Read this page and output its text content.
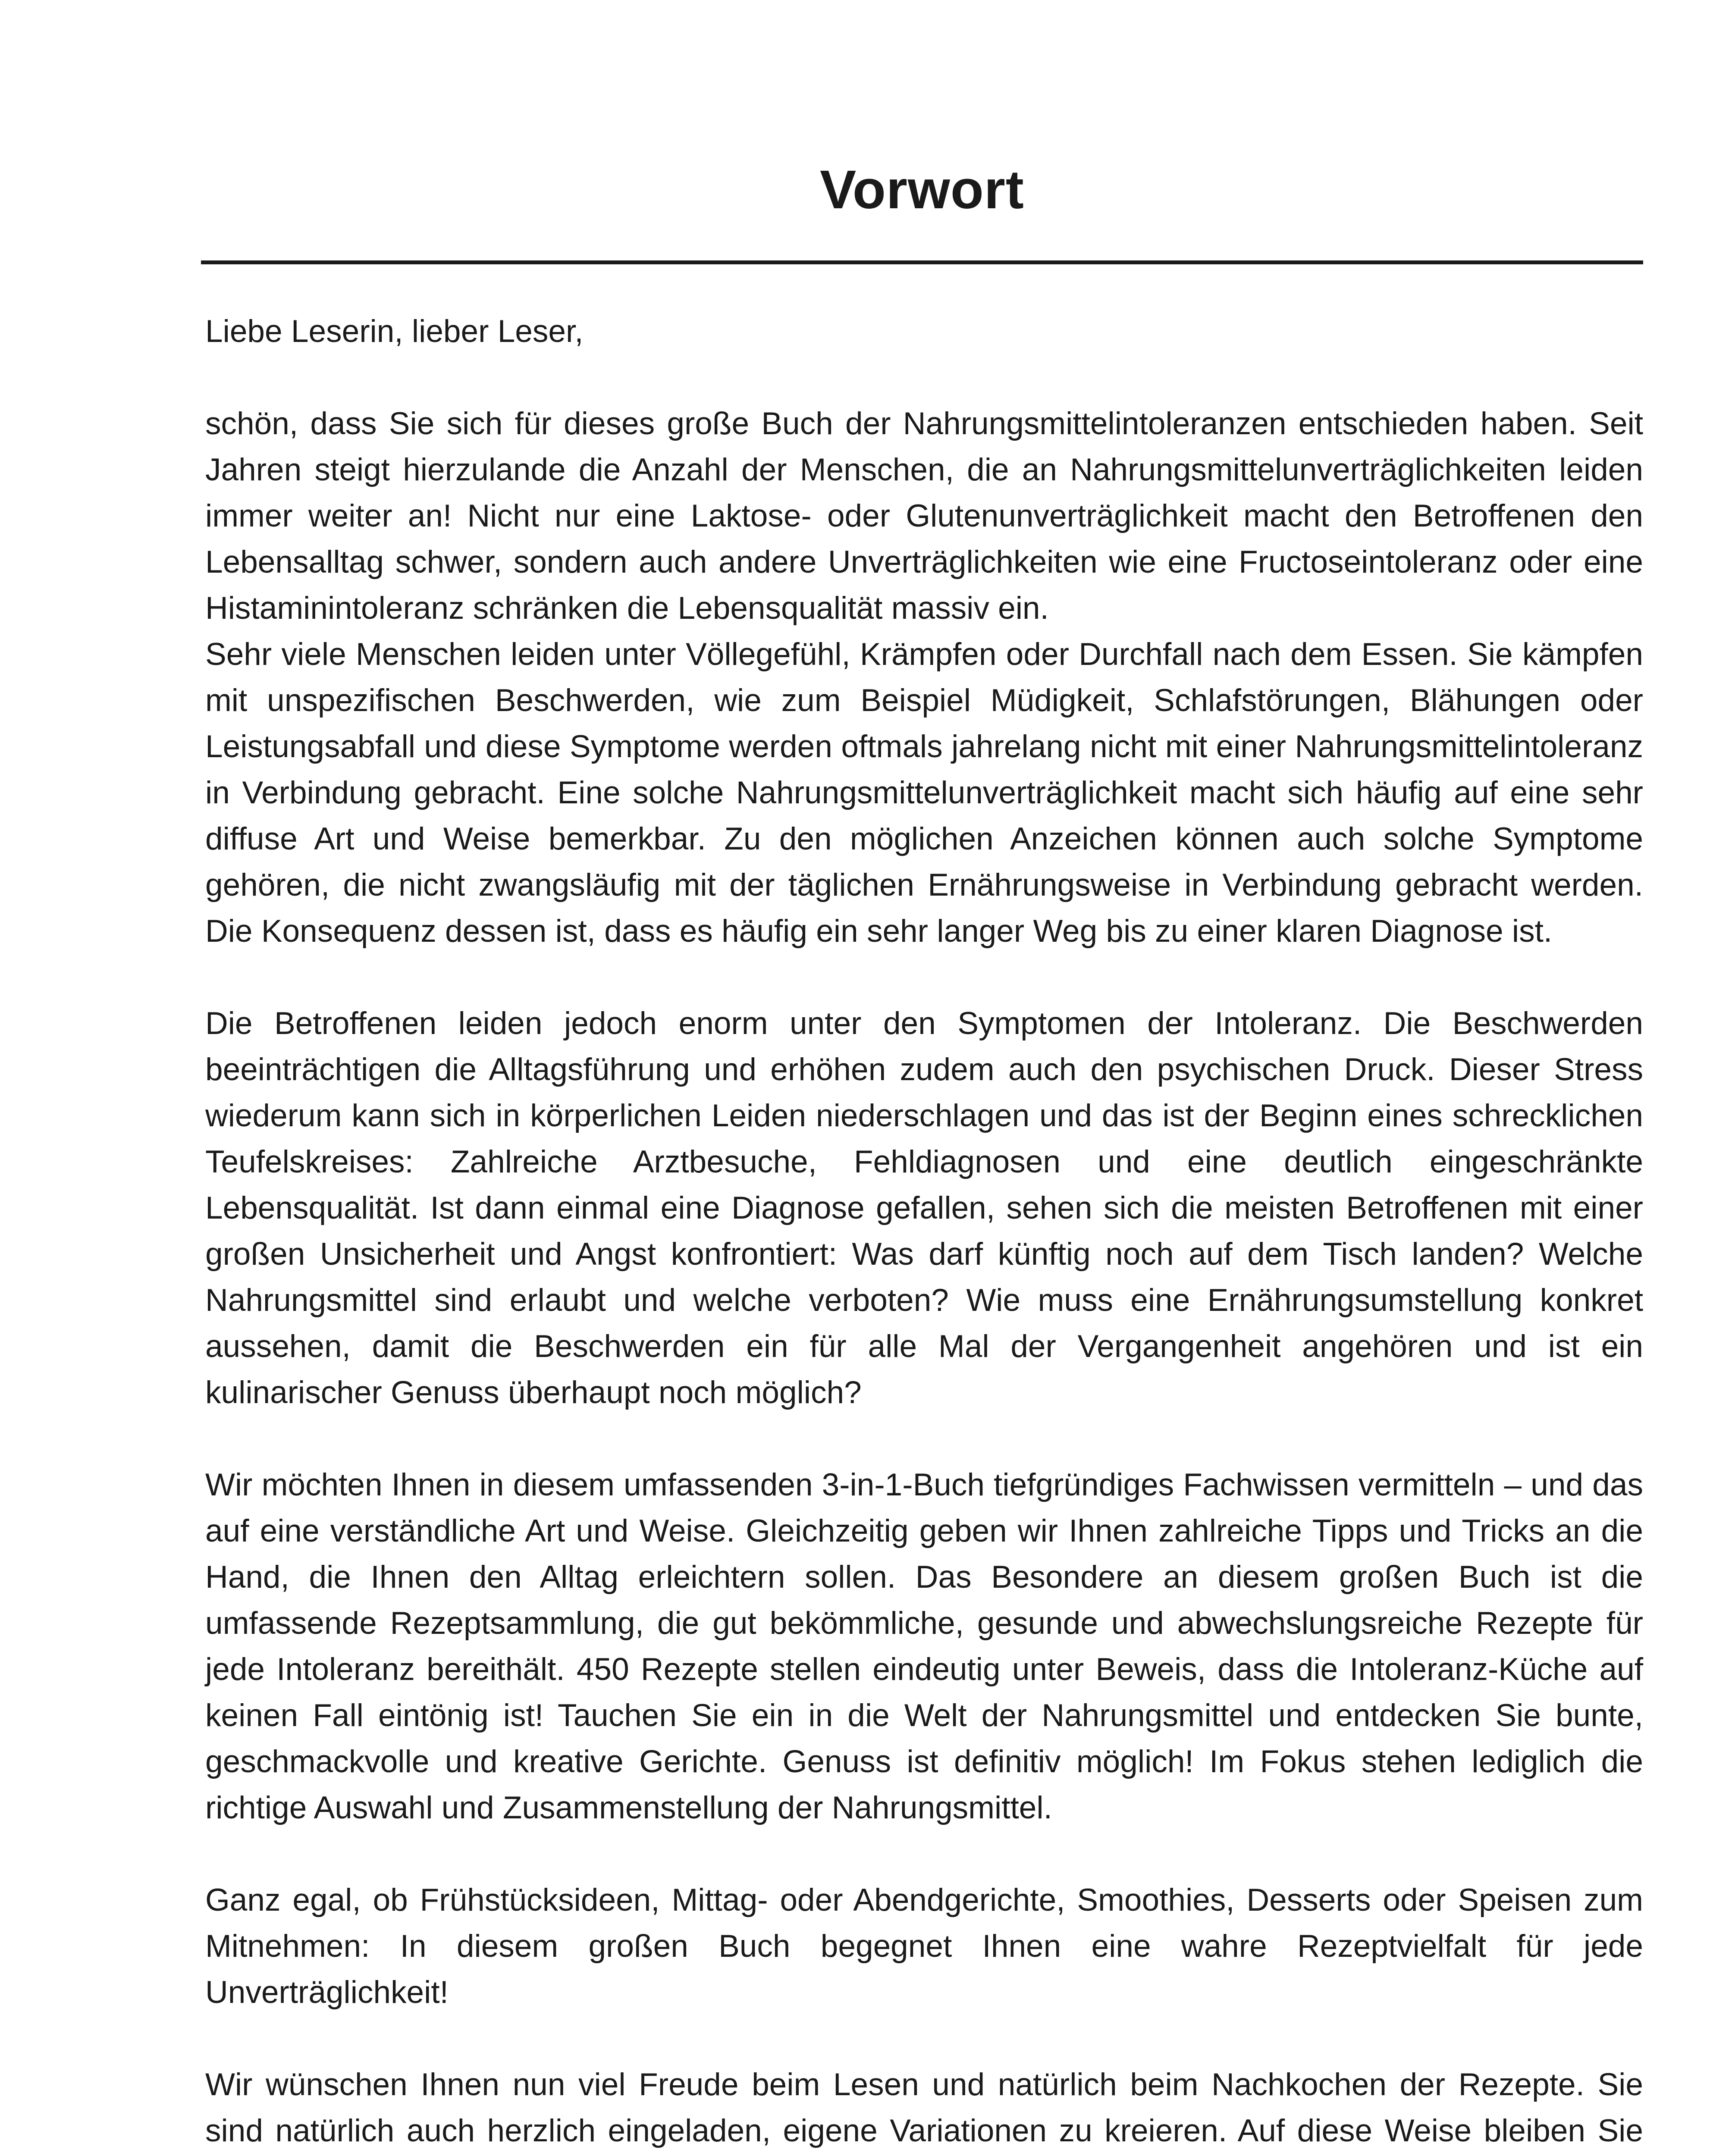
Vorwort

Liebe Leserin, lieber Leser,

schön, dass Sie sich für dieses große Buch der Nahrungsmittelintoleranzen entschieden haben. Seit Jahren steigt hierzulande die Anzahl der Menschen, die an Nahrungsmittelunverträglichkeiten leiden immer weiter an! Nicht nur eine Laktose- oder Glutenunverträglichkeit macht den Betroffenen den Lebensalltag schwer, sondern auch andere Unverträglichkeiten wie eine Fructoseintoleranz oder eine Histaminintoleranz schränken die Lebensqualität massiv ein.

Sehr viele Menschen leiden unter Völlegefühl, Krämpfen oder Durchfall nach dem Essen. Sie kämpfen mit unspezifischen Beschwerden, wie zum Beispiel Müdigkeit, Schlafstörungen, Blähungen oder Leistungsabfall und diese Symptome werden oftmals jahrelang nicht mit einer Nahrungsmittelintoleranz in Verbindung gebracht. Eine solche Nahrungsmittelunverträglichkeit macht sich häufig auf eine sehr diffuse Art und Weise bemerkbar. Zu den möglichen Anzeichen können auch solche Symptome gehören, die nicht zwangsläufig mit der täglichen Ernährungsweise in Verbindung gebracht werden. Die Konsequenz dessen ist, dass es häufig ein sehr langer Weg bis zu einer klaren Diagnose ist.

Die Betroffenen leiden jedoch enorm unter den Symptomen der Intoleranz. Die Beschwerden beeinträchtigen die Alltagsführung und erhöhen zudem auch den psychischen Druck. Dieser Stress wiederum kann sich in körperlichen Leiden niederschlagen und das ist der Beginn eines schrecklichen Teufelskreises: Zahlreiche Arztbesuche, Fehldiagnosen und eine deutlich eingeschränkte Lebensqualität. Ist dann einmal eine Diagnose gefallen, sehen sich die meisten Betroffenen mit einer großen Unsicherheit und Angst konfrontiert: Was darf künftig noch auf dem Tisch landen? Welche Nahrungsmittel sind erlaubt und welche verboten? Wie muss eine Ernährungsumstellung konkret aussehen, damit die Beschwerden ein für alle Mal der Vergangenheit angehören und ist ein kulinarischer Genuss überhaupt noch möglich?

Wir möchten Ihnen in diesem umfassenden 3-in-1-Buch tiefgründiges Fachwissen vermitteln – und das auf eine verständliche Art und Weise. Gleichzeitig geben wir Ihnen zahlreiche Tipps und Tricks an die Hand, die Ihnen den Alltag erleichtern sollen. Das Besondere an diesem großen Buch ist die umfassende Rezeptsammlung, die gut bekömmliche, gesunde und abwechslungsreiche Rezepte für jede Intoleranz bereithält. 450 Rezepte stellen eindeutig unter Beweis, dass die Intoleranz-Küche auf keinen Fall eintönig ist! Tauchen Sie ein in die Welt der Nahrungsmittel und entdecken Sie bunte, geschmackvolle und kreative Gerichte. Genuss ist definitiv möglich! Im Fokus stehen lediglich die richtige Auswahl und Zusammenstellung der Nahrungsmittel.

Ganz egal, ob Frühstücksideen, Mittag- oder Abendgerichte, Smoothies, Desserts oder Speisen zum Mitnehmen: In diesem großen Buch begegnet Ihnen eine wahre Rezeptvielfalt für jede Unverträglichkeit!

Wir wünschen Ihnen nun viel Freude beim Lesen und natürlich beim Nachkochen der Rezepte. Sie sind natürlich auch herzlich eingeladen, eigene Variationen zu kreieren. Auf diese Weise bleiben Sie
